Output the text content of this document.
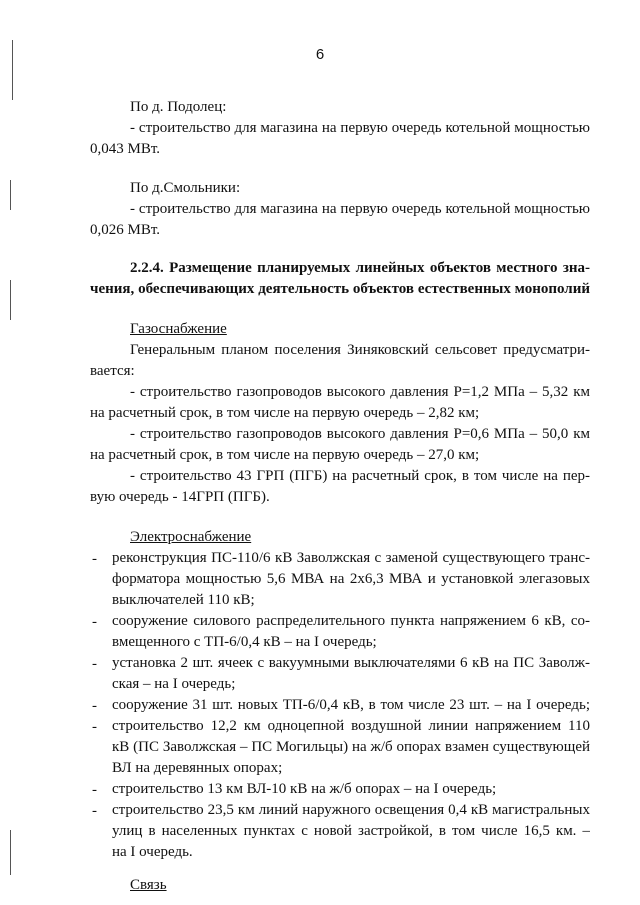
6
По д. Подолец:
- строительство для магазина на первую очередь котельной мощностью
0,043 МВт.
По д.Смольники:
- строительство для магазина на первую очередь котельной мощностью
0,026 МВт.
2.2.4. Размещение планируемых линейных объектов местного зна-
чения, обеспечивающих деятельность объектов естественных монополий
Газоснабжение
Генеральным планом поселения Зиняковский сельсовет предусматри-
вается:
- строительство газопроводов высокого давления Р=1,2 МПа – 5,32 км
на расчетный срок, в том числе на первую очередь – 2,82 км;
- строительство газопроводов высокого давления Р=0,6 МПа – 50,0 км
на расчетный срок, в том числе на первую очередь – 27,0 км;
- строительство 43 ГРП (ПГБ) на расчетный срок, в том числе на пер-
вую очередь - 14ГРП (ПГБ).
Электроснабжение
- реконструкция ПС-110/6 кВ Заволжская с заменой существующего транс-
форматора мощностью 5,6 МВА на 2х6,3 МВА и установкой элегазовых
выключателей 110 кВ;
- сооружение силового распределительного пункта напряжением 6 кВ, со-
вмещенного с ТП-6/0,4 кВ – на I очередь;
- установка 2 шт. ячеек с вакуумными выключателями 6 кВ на ПС Заволж-
ская – на I очередь;
- сооружение 31 шт. новых ТП-6/0,4 кВ, в том числе 23 шт. – на I очередь;
- строительство 12,2 км одноцепной воздушной линии напряжением 110
кВ (ПС Заволжская – ПС Могильцы) на ж/б опорах взамен существующей
ВЛ на деревянных опорах;
- строительство 13 км ВЛ-10 кВ на ж/б опорах – на I очередь;
- строительство 23,5 км линий наружного освещения 0,4 кВ магистральных
улиц в населенных пунктах с новой застройкой, в том числе 16,5 км. –
на I очередь.
Связь
